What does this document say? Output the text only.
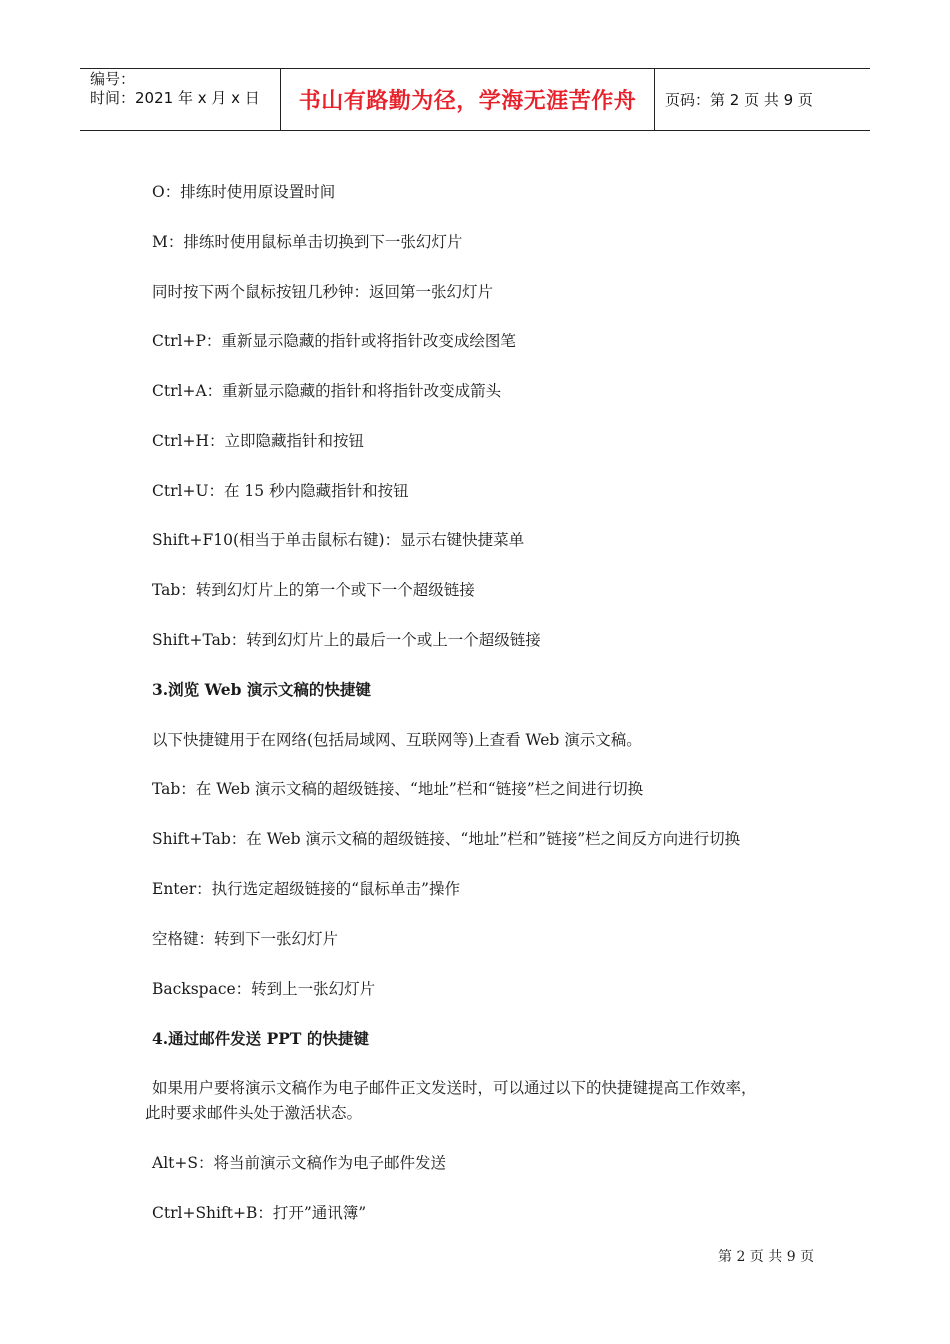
编号：
时间：2021 年 x 月 x 日	书山有路勤为径，学海无涯苦作舟	页码：第 2 页 共 9 页
O：排练时使用原设置时间
M：排练时使用鼠标单击切换到下一张幻灯片
同时按下两个鼠标按钮几秒钟：返回第一张幻灯片
Ctrl+P：重新显示隐藏的指针或将指针改变成绘图笔
Ctrl+A：重新显示隐藏的指针和将指针改变成箭头
Ctrl+H：立即隐藏指针和按钮
Ctrl+U：在 15 秒内隐藏指针和按钮
Shift+F10(相当于单击鼠标右键)：显示右键快捷菜单
Tab：转到幻灯片上的第一个或下一个超级链接
Shift+Tab：转到幻灯片上的最后一个或上一个超级链接
3.浏览 Web 演示文稿的快捷键
以下快捷键用于在网络(包括局域网、互联网等)上查看 Web 演示文稿。
Tab：在 Web 演示文稿的超级链接、“地址”栏和“链接”栏之间进行切换
Shift+Tab：在 Web 演示文稿的超级链接、“地址”栏和”链接”栏之间反方向进行切换
Enter：执行选定超级链接的“鼠标单击”操作
空格键：转到下一张幻灯片
Backspace：转到上一张幻灯片
4.通过邮件发送 PPT 的快捷键
如果用户要将演示文稿作为电子邮件正文发送时，可以通过以下的快捷键提高工作效率，
此时要求邮件头处于激活状态。
Alt+S：将当前演示文稿作为电子邮件发送
Ctrl+Shift+B：打开”通讯簿”
第 2 页 共 9 页
